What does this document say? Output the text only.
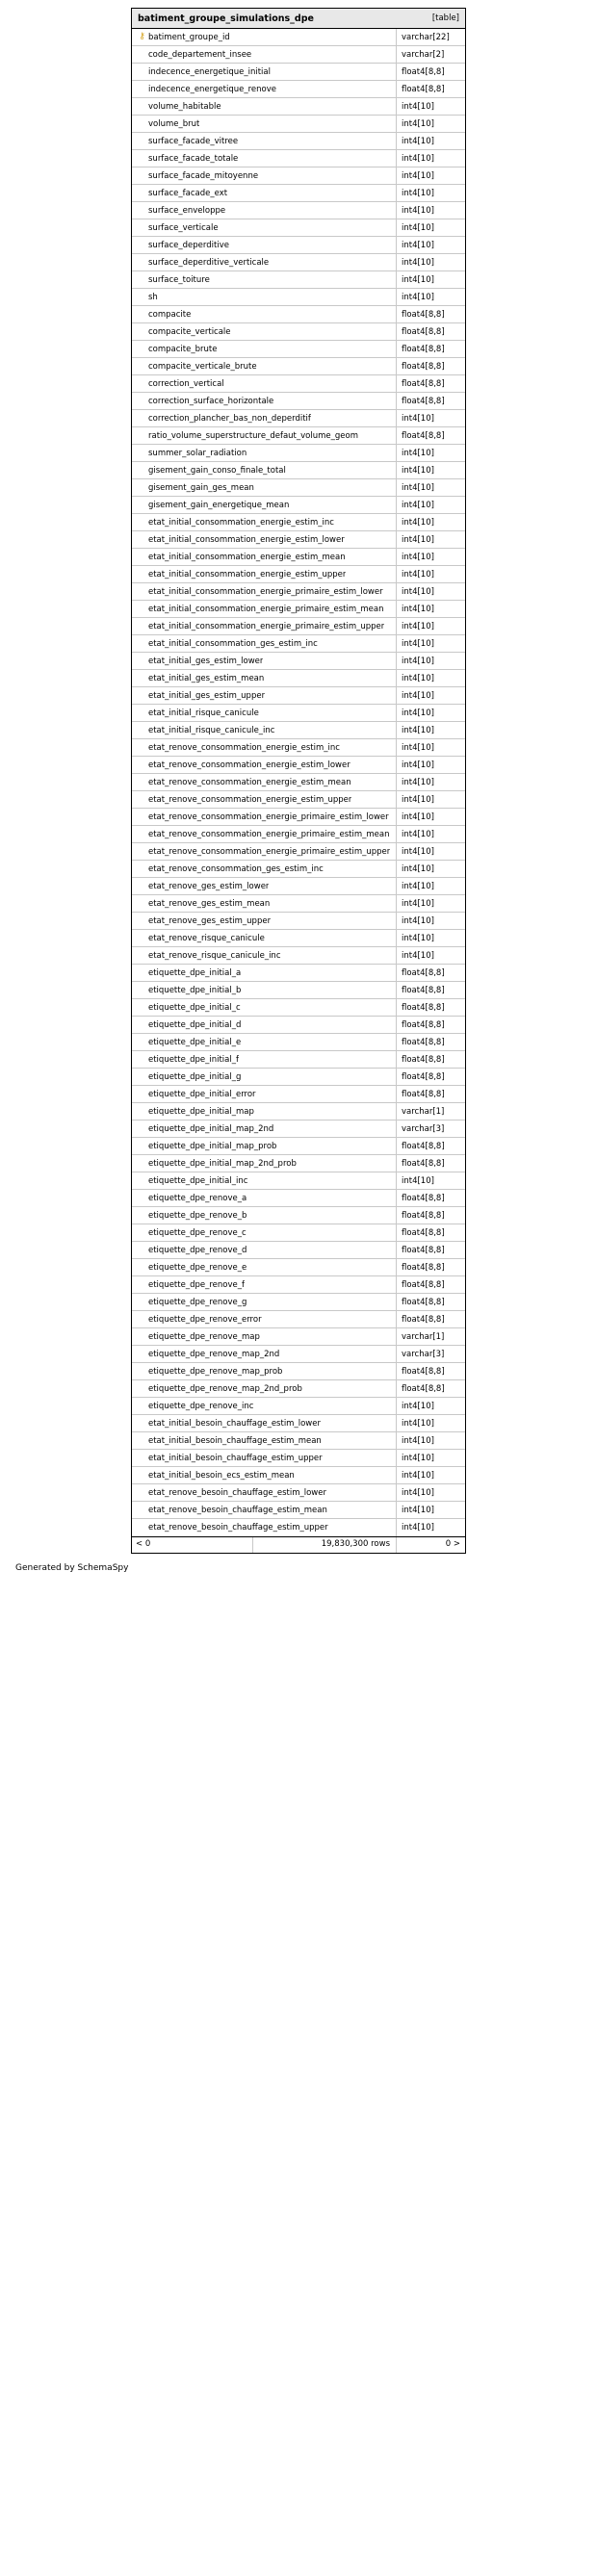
batiment_groupe_simulations_dpe	[table]
⚷ batiment_groupe_id	varchar[22]
code_departement_insee	varchar[2]
indecence_energetique_initial	float4[8,8]
indecence_energetique_renove	float4[8,8]
volume_habitable	int4[10]
volume_brut	int4[10]
surface_facade_vitree	int4[10]
surface_facade_totale	int4[10]
surface_facade_mitoyenne	int4[10]
surface_facade_ext	int4[10]
surface_enveloppe	int4[10]
surface_verticale	int4[10]
surface_deperditive	int4[10]
surface_deperditive_verticale	int4[10]
surface_toiture	int4[10]
sh	int4[10]
compacite	float4[8,8]
compacite_verticale	float4[8,8]
compacite_brute	float4[8,8]
compacite_verticale_brute	float4[8,8]
correction_vertical	float4[8,8]
correction_surface_horizontale	float4[8,8]
correction_plancher_bas_non_deperditif	int4[10]
ratio_volume_superstructure_defaut_volume_geom	float4[8,8]
summer_solar_radiation	int4[10]
gisement_gain_conso_finale_total	int4[10]
gisement_gain_ges_mean	int4[10]
gisement_gain_energetique_mean	int4[10]
etat_initial_consommation_energie_estim_inc	int4[10]
etat_initial_consommation_energie_estim_lower	int4[10]
etat_initial_consommation_energie_estim_mean	int4[10]
etat_initial_consommation_energie_estim_upper	int4[10]
etat_initial_consommation_energie_primaire_estim_lower	int4[10]
etat_initial_consommation_energie_primaire_estim_mean	int4[10]
etat_initial_consommation_energie_primaire_estim_upper	int4[10]
etat_initial_consommation_ges_estim_inc	int4[10]
etat_initial_ges_estim_lower	int4[10]
etat_initial_ges_estim_mean	int4[10]
etat_initial_ges_estim_upper	int4[10]
etat_initial_risque_canicule	int4[10]
etat_initial_risque_canicule_inc	int4[10]
etat_renove_consommation_energie_estim_inc	int4[10]
etat_renove_consommation_energie_estim_lower	int4[10]
etat_renove_consommation_energie_estim_mean	int4[10]
etat_renove_consommation_energie_estim_upper	int4[10]
etat_renove_consommation_energie_primaire_estim_lower	int4[10]
etat_renove_consommation_energie_primaire_estim_mean	int4[10]
etat_renove_consommation_energie_primaire_estim_upper	int4[10]
etat_renove_consommation_ges_estim_inc	int4[10]
etat_renove_ges_estim_lower	int4[10]
etat_renove_ges_estim_mean	int4[10]
etat_renove_ges_estim_upper	int4[10]
etat_renove_risque_canicule	int4[10]
etat_renove_risque_canicule_inc	int4[10]
etiquette_dpe_initial_a	float4[8,8]
etiquette_dpe_initial_b	float4[8,8]
etiquette_dpe_initial_c	float4[8,8]
etiquette_dpe_initial_d	float4[8,8]
etiquette_dpe_initial_e	float4[8,8]
etiquette_dpe_initial_f	float4[8,8]
etiquette_dpe_initial_g	float4[8,8]
etiquette_dpe_initial_error	float4[8,8]
etiquette_dpe_initial_map	varchar[1]
etiquette_dpe_initial_map_2nd	varchar[3]
etiquette_dpe_initial_map_prob	float4[8,8]
etiquette_dpe_initial_map_2nd_prob	float4[8,8]
etiquette_dpe_initial_inc	int4[10]
etiquette_dpe_renove_a	float4[8,8]
etiquette_dpe_renove_b	float4[8,8]
etiquette_dpe_renove_c	float4[8,8]
etiquette_dpe_renove_d	float4[8,8]
etiquette_dpe_renove_e	float4[8,8]
etiquette_dpe_renove_f	float4[8,8]
etiquette_dpe_renove_g	float4[8,8]
etiquette_dpe_renove_error	float4[8,8]
etiquette_dpe_renove_map	varchar[1]
etiquette_dpe_renove_map_2nd	varchar[3]
etiquette_dpe_renove_map_prob	float4[8,8]
etiquette_dpe_renove_map_2nd_prob	float4[8,8]
etiquette_dpe_renove_inc	int4[10]
etat_initial_besoin_chauffage_estim_lower	int4[10]
etat_initial_besoin_chauffage_estim_mean	int4[10]
etat_initial_besoin_chauffage_estim_upper	int4[10]
etat_initial_besoin_ecs_estim_mean	int4[10]
etat_renove_besoin_chauffage_estim_lower	int4[10]
etat_renove_besoin_chauffage_estim_mean	int4[10]
etat_renove_besoin_chauffage_estim_upper	int4[10]
< 0	19,830,300 rows	0 >
Generated by SchemaSpy
